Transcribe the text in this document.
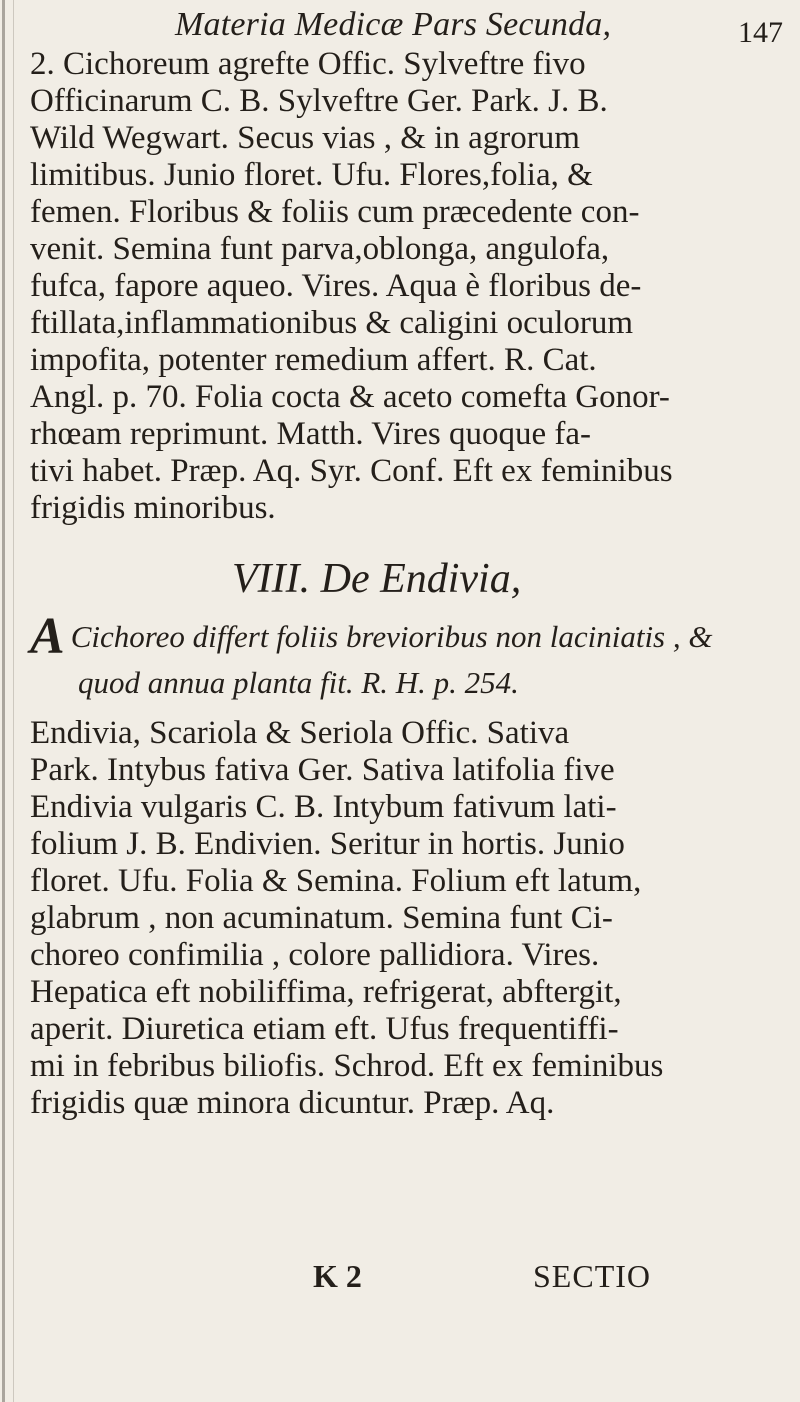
Materia Medicæ Pars Secunda,	147
2. Cichoreum agrefte Offic. Sylveftre fivo
Officinarum C. B. Sylveftre Ger. Park. J. B.
Wild Wegwart. Secus vias , & in agrorum
limitibus. Junio floret. Ufu. Flores,folia, &
femen. Floribus & foliis cum præcedente con-
venit. Semina funt parva,oblonga, angulofa,
fufca, fapore aqueo. Vires. Aqua è floribus de-
ftillata,inflammationibus & caligini oculorum
impofita, potenter remedium affert. R. Cat.
Angl. p. 70. Folia cocta & aceto comefta Gonor-
rhœam reprimunt. Matth. Vires quoque fa-
tivi habet. Præp. Aq. Syr. Conf. Eft ex feminibus
frigidis minoribus.
VIII. De Endivia,
A Cichoreo differt foliis brevioribus non laciniatis , &
quod annua planta fit. R. H. p. 254.
Endivia, Scariola & Seriola Offic. Sativa
Park. Intybus fativa Ger. Sativa latifolia five
Endivia vulgaris C. B. Intybum fativum lati-
folium J. B. Endivien. Seritur in hortis. Junio
floret. Ufu. Folia & Semina. Folium eft latum,
glabrum , non acuminatum. Semina funt Ci-
choreo confimilia , colore pallidiora. Vires.
Hepatica eft nobiliffima, refrigerat, abftergit,
aperit. Diuretica etiam eft. Ufus frequentiffi-
mi in febribus biliofis. Schrod. Eft ex feminibus
frigidis quæ minora dicuntur. Præp. Aq.
K 2	SECTIO
